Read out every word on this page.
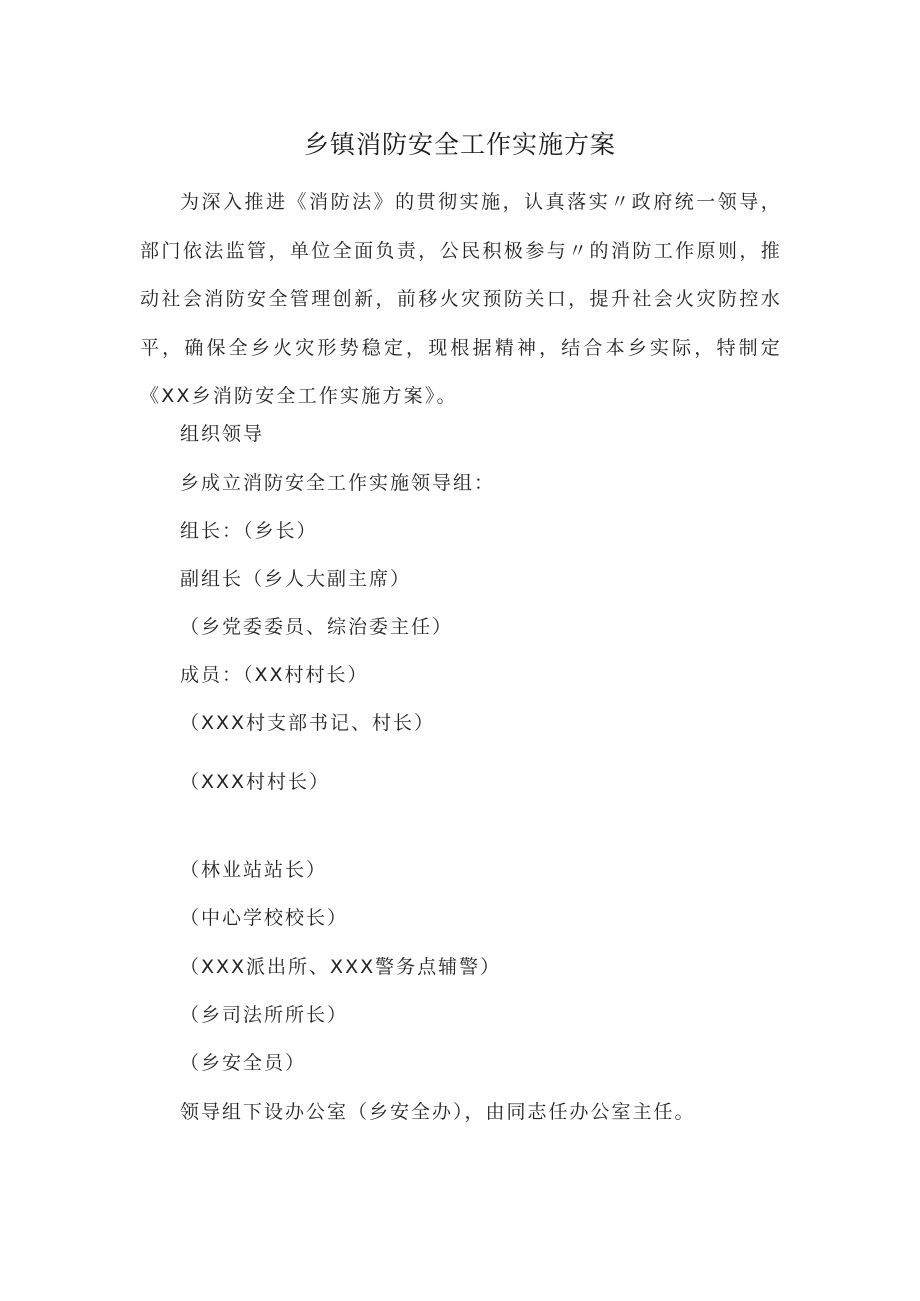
乡镇消防安全工作实施方案

为深入推进《消防法》的贯彻实施，认真落实〃政府统一领导，部门依法监管，单位全面负责，公民积极参与〃的消防工作原则，推动社会消防安全管理创新，前移火灾预防关口，提升社会火灾防控水平，确保全乡火灾形势稳定，现根据精神，结合本乡实际，特制定《XX乡消防安全工作实施方案》。

组织领导

乡成立消防安全工作实施领导组：

组长：（乡长）

副组长（乡人大副主席）

（乡党委委员、综治委主任）

成员：（XX村村长）

（XXX村支部书记、村长）

（XXX村村长）

（林业站站长）

（中心学校校长）

（XXX派出所、XXX警务点辅警）

（乡司法所所长）

（乡安全员）

领导组下设办公室（乡安全办），由同志任办公室主任。
